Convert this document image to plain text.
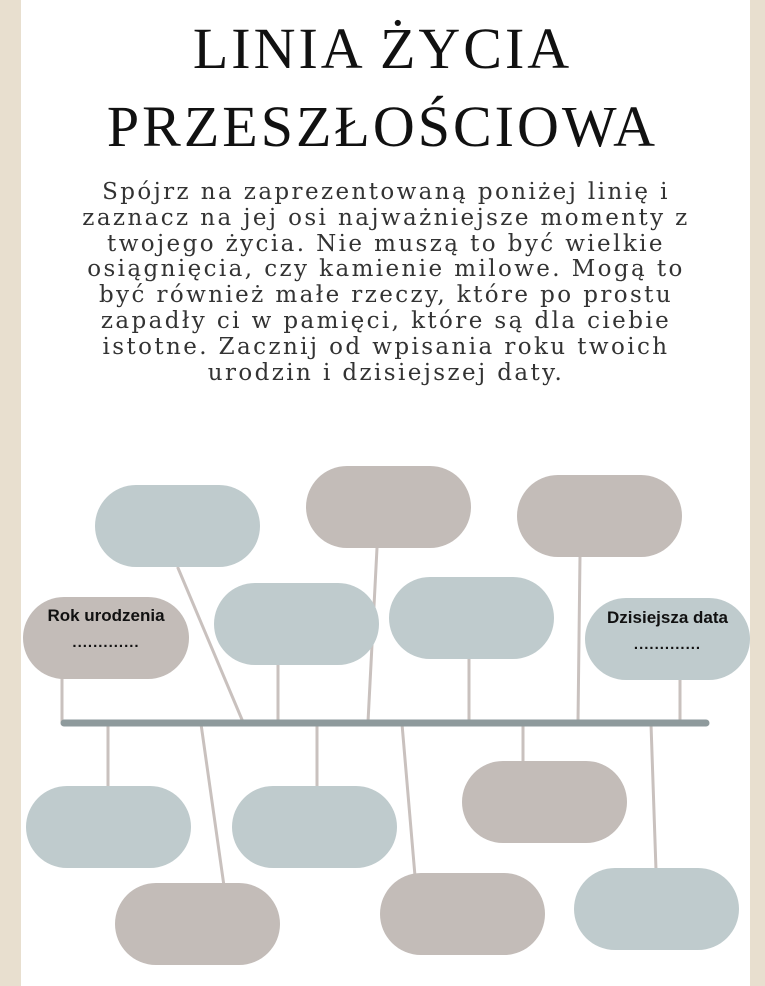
LINIA ŻYCIA
PRZESZŁOŚCIOWA

Spójrz na zaprezentowaną poniżej linię i
zaznacz na jej osi najważniejsze momenty z
twojego życia. Nie muszą to być wielkie
osiągnięcia, czy kamienie milowe. Mogą to
być również małe rzeczy, które po prostu
zapadły ci w pamięci, które są dla ciebie
istotne. Zacznij od wpisania roku twoich
urodzin i dzisiejszej daty.

Rok urodzenia
.............
Dzisiejsza data
.............
